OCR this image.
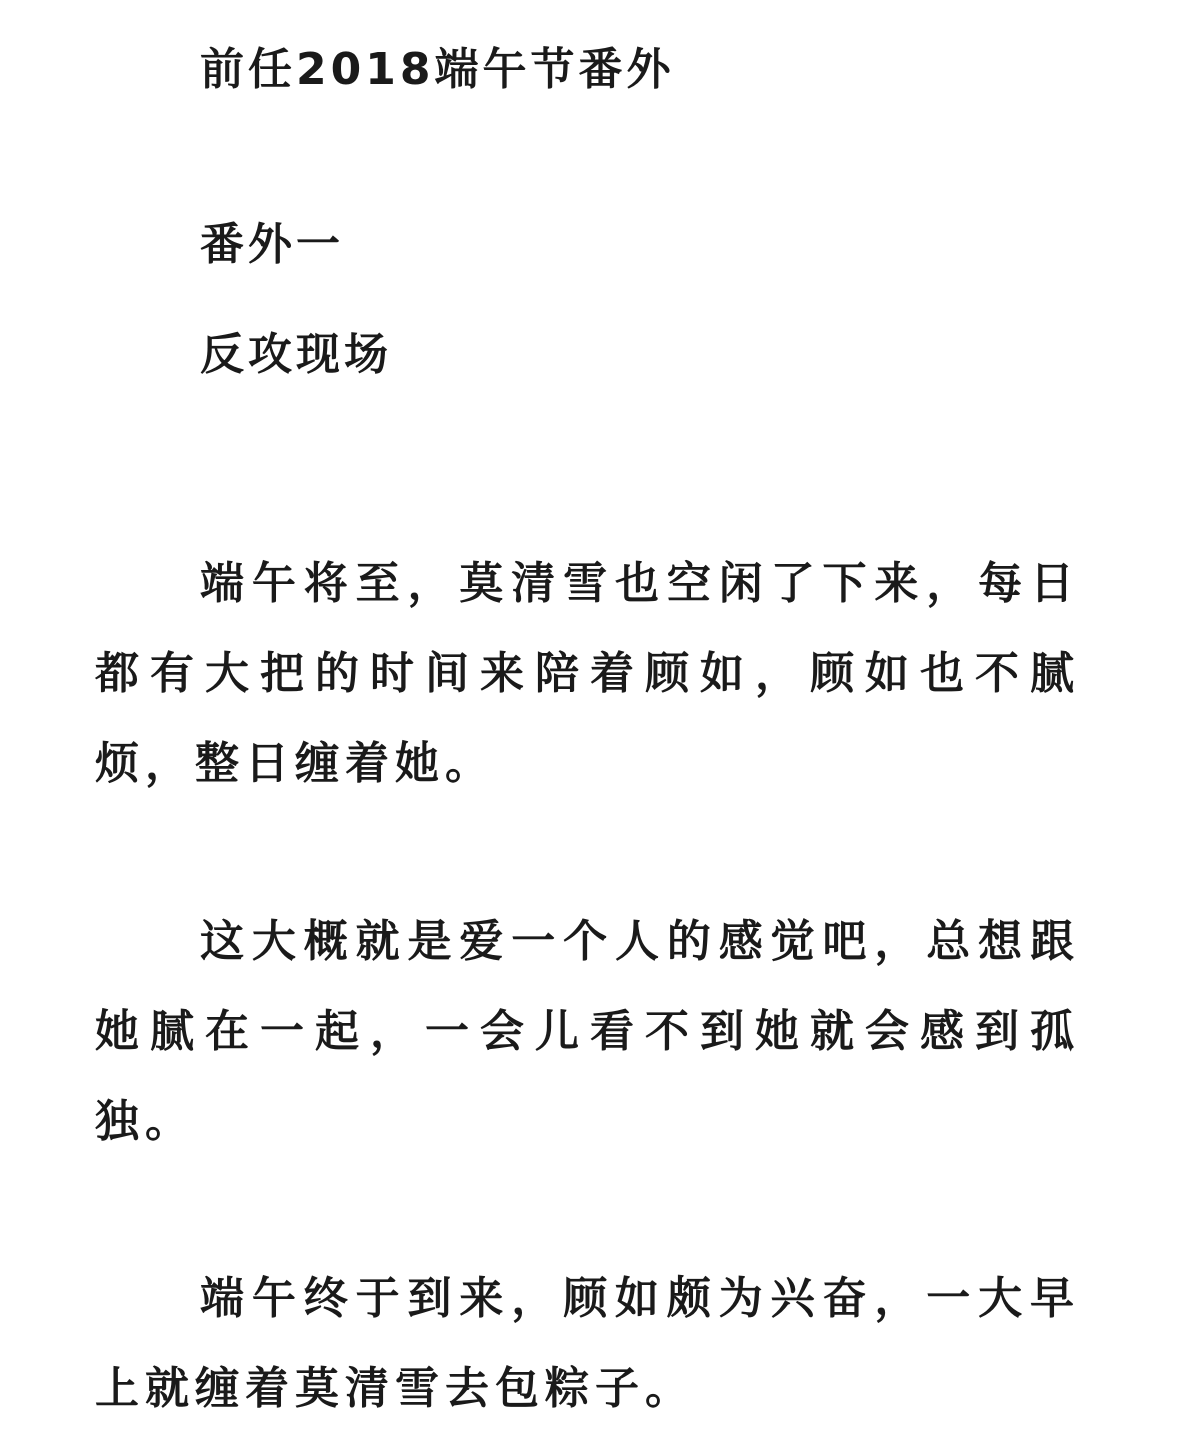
前任2018端午节番外
番外一
反攻现场

端午将至，莫清雪也空闲了下来，每日都有大把的时间来陪着顾如，顾如也不腻烦，整日缠着她。

这大概就是爱一个人的感觉吧，总想跟她腻在一起，一会儿看不到她就会感到孤独。

端午终于到来，顾如颇为兴奋，一大早上就缠着莫清雪去包粽子。
